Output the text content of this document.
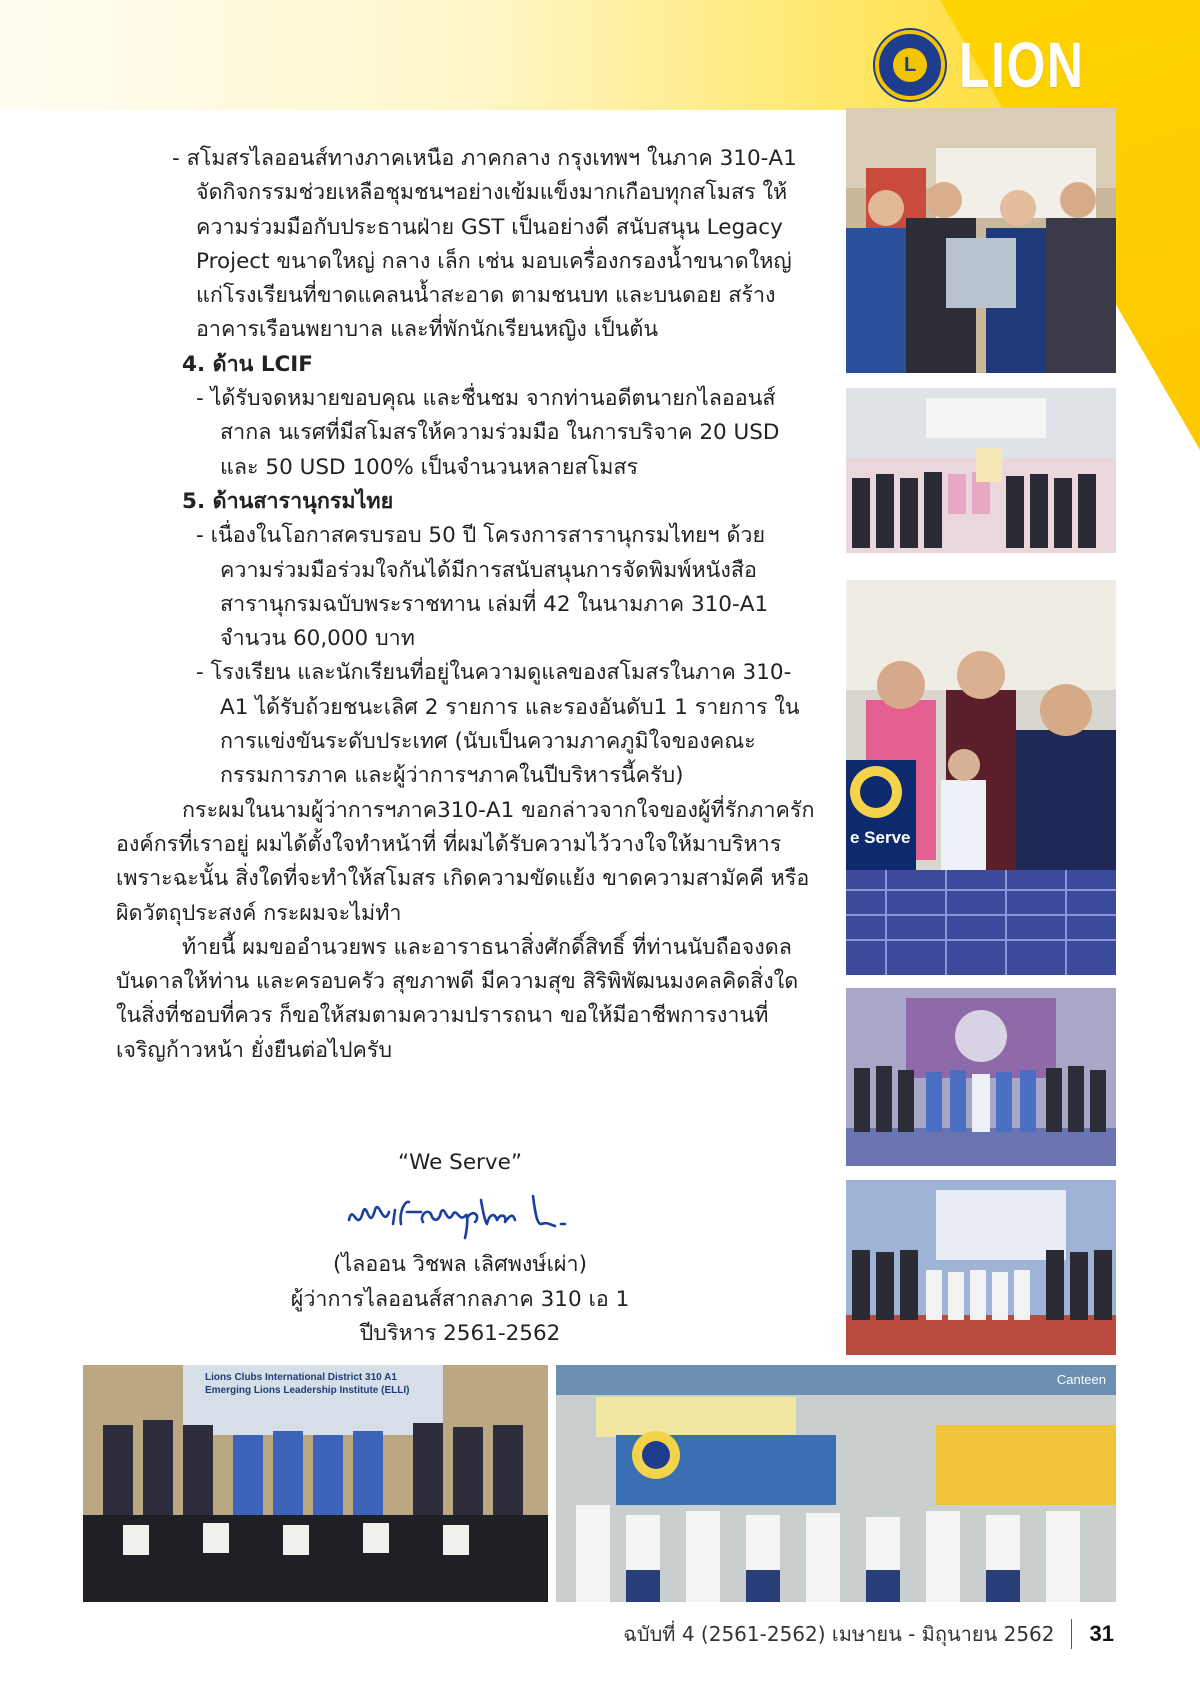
L LION

- สโมสรไลออนส์ทางภาคเหนือ ภาคกลาง กรุงเทพฯ ในภาค 310-A1 จัดกิจกรรมช่วยเหลือชุมชนฯอย่างเข้มแข็งมากเกือบทุกสโมสร ให้ความร่วมมือกับประธานฝ่าย GST เป็นอย่างดี สนับสนุน Legacy Project ขนาดใหญ่ กลาง เล็ก เช่น มอบเครื่องกรองน้ำขนาดใหญ่ แก่โรงเรียนที่ขาดแคลนน้ำสะอาด ตามชนบท และบนดอย สร้างอาคารเรือนพยาบาล และที่พักนักเรียนหญิง เป็นต้น

4. ด้าน LCIF

- ได้รับจดหมายขอบคุณ และชื่นชม จากท่านอดีตนายกไลออนส์สากล นเรศที่มีสโมสรให้ความร่วมมือ ในการบริจาค 20 USD และ 50 USD 100% เป็นจำนวนหลายสโมสร

5. ด้านสารานุกรมไทย

- เนื่องในโอกาสครบรอบ 50 ปี โครงการสารานุกรมไทยฯ ด้วยความร่วมมือร่วมใจกันได้มีการสนับสนุนการจัดพิมพ์หนังสือสารานุกรมฉบับพระราชทาน เล่มที่ 42 ในนามภาค 310-A1 จำนวน 60,000 บาท

- โรงเรียน และนักเรียนที่อยู่ในความดูแลของสโมสรในภาค 310-A1 ได้รับถ้วยชนะเลิศ 2 รายการ และรองอันดับ1 1 รายการ ในการแข่งขันระดับประเทศ (นับเป็นความภาคภูมิใจของคณะกรรมการภาค และผู้ว่าการฯภาคในปีบริหารนี้ครับ)

กระผมในนามผู้ว่าการฯภาค310-A1 ขอกล่าวจากใจของผู้ที่รักภาครักองค์กรที่เราอยู่ ผมได้ตั้งใจทำหน้าที่ ที่ผมได้รับความไว้วางใจให้มาบริหาร เพราะฉะนั้น สิ่งใดที่จะทำให้สโมสร เกิดความขัดแย้ง ขาดความสามัคคี หรือผิดวัตถุประสงค์ กระผมจะไม่ทำ

ท้ายนี้ ผมขออำนวยพร และอาราธนาสิ่งศักดิ์สิทธิ์ ที่ท่านนับถือจงดลบันดาลให้ท่าน และครอบครัว สุขภาพดี มีความสุข สิริพิพัฒนมงคลคิดสิ่งใดในสิ่งที่ชอบที่ควร ก็ขอให้สมตามความปรารถนา ขอให้มีอาชีพการงานที่เจริญก้าวหน้า ยั่งยืนต่อไปครับ

“We Serve”

(ไลออน วิชพล เลิศพงษ์เผ่า)

ผู้ว่าการไลออนส์สากลภาค 310 เอ 1

ปีบริหาร 2561-2562

e Serve
Lions Clubs International District 310 A1 Emerging Lions Leadership Institute (ELLI)
Canteen
ฉบับที่ 4 (2561-2562) เมษายน - มิถุนายน 2562 31
